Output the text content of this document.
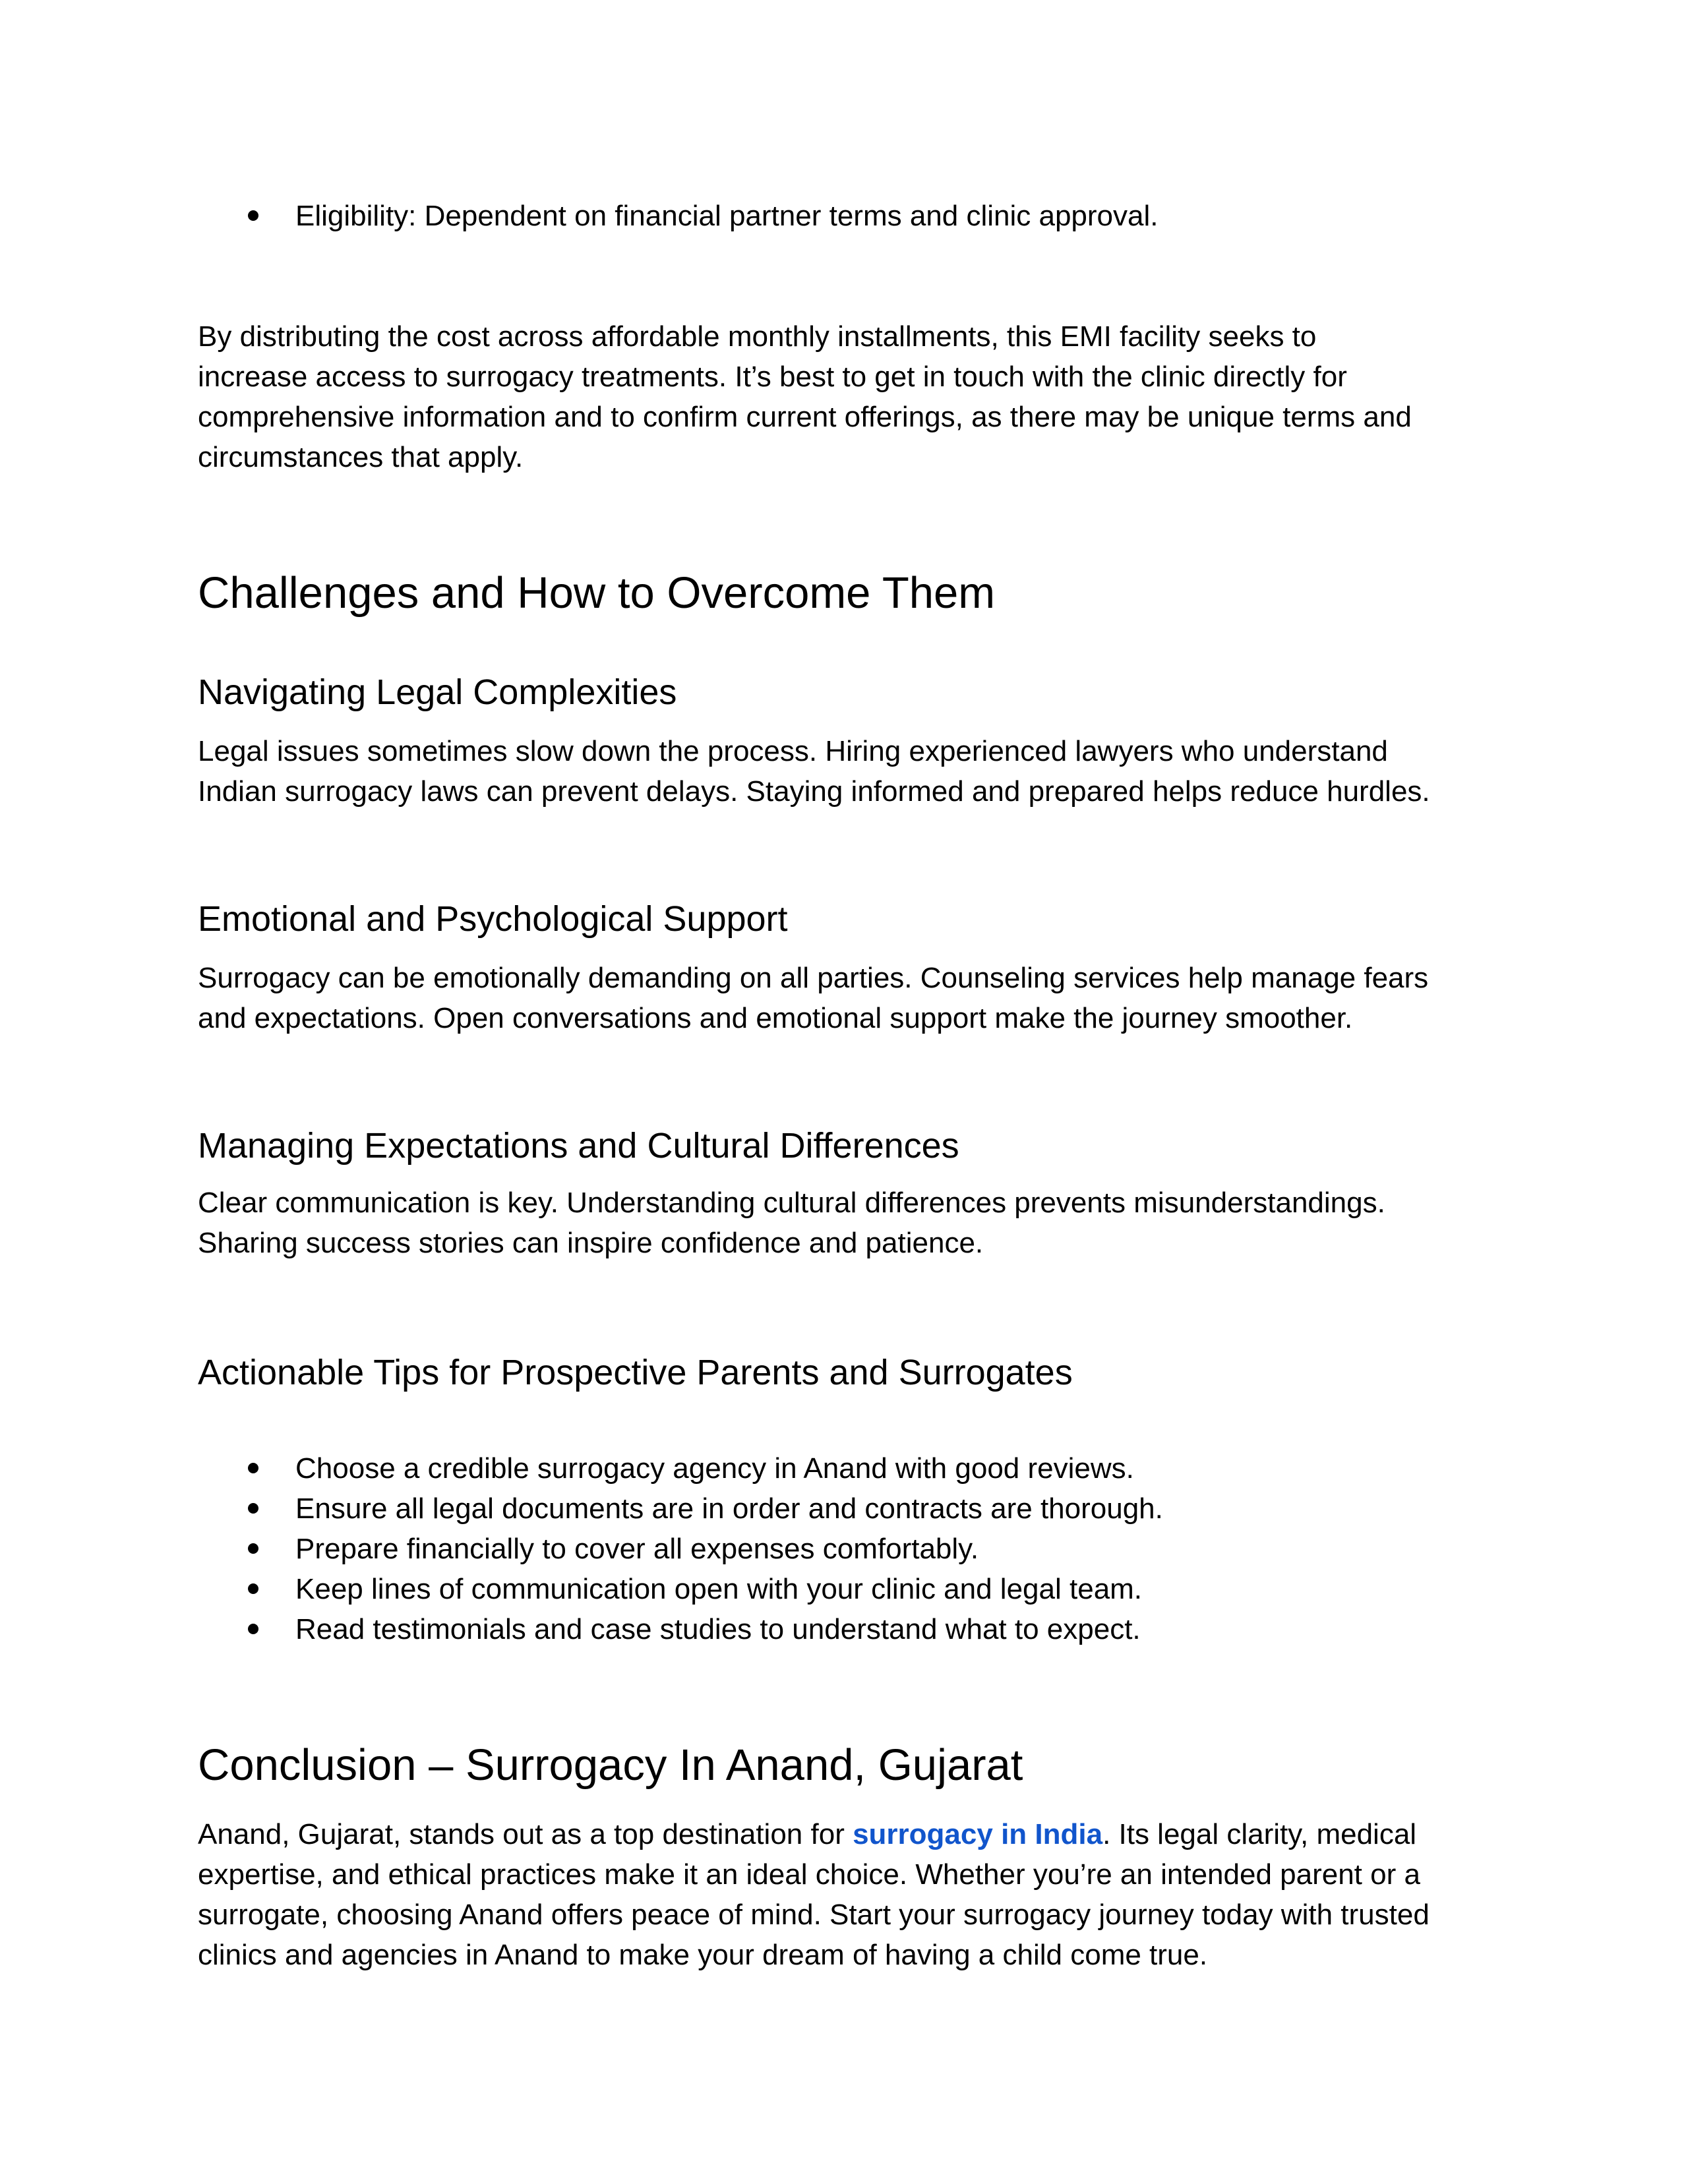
Eligibility: Dependent on financial partner terms and clinic approval.
By distributing the cost across affordable monthly installments, this EMI facility seeks to
increase access to surrogacy treatments. It’s best to get in touch with the clinic directly for
comprehensive information and to confirm current offerings, as there may be unique terms and
circumstances that apply.
Challenges and How to Overcome Them
Navigating Legal Complexities
Legal issues sometimes slow down the process. Hiring experienced lawyers who understand
Indian surrogacy laws can prevent delays. Staying informed and prepared helps reduce hurdles.
Emotional and Psychological Support
Surrogacy can be emotionally demanding on all parties. Counseling services help manage fears
and expectations. Open conversations and emotional support make the journey smoother.
Managing Expectations and Cultural Differences
Clear communication is key. Understanding cultural differences prevents misunderstandings.
Sharing success stories can inspire confidence and patience.
Actionable Tips for Prospective Parents and Surrogates
Choose a credible surrogacy agency in Anand with good reviews.
Ensure all legal documents are in order and contracts are thorough.
Prepare financially to cover all expenses comfortably.
Keep lines of communication open with your clinic and legal team.
Read testimonials and case studies to understand what to expect.
Conclusion – Surrogacy In Anand, Gujarat
Anand, Gujarat, stands out as a top destination for surrogacy in India. Its legal clarity, medical
expertise, and ethical practices make it an ideal choice. Whether you’re an intended parent or a
surrogate, choosing Anand offers peace of mind. Start your surrogacy journey today with trusted
clinics and agencies in Anand to make your dream of having a child come true.
